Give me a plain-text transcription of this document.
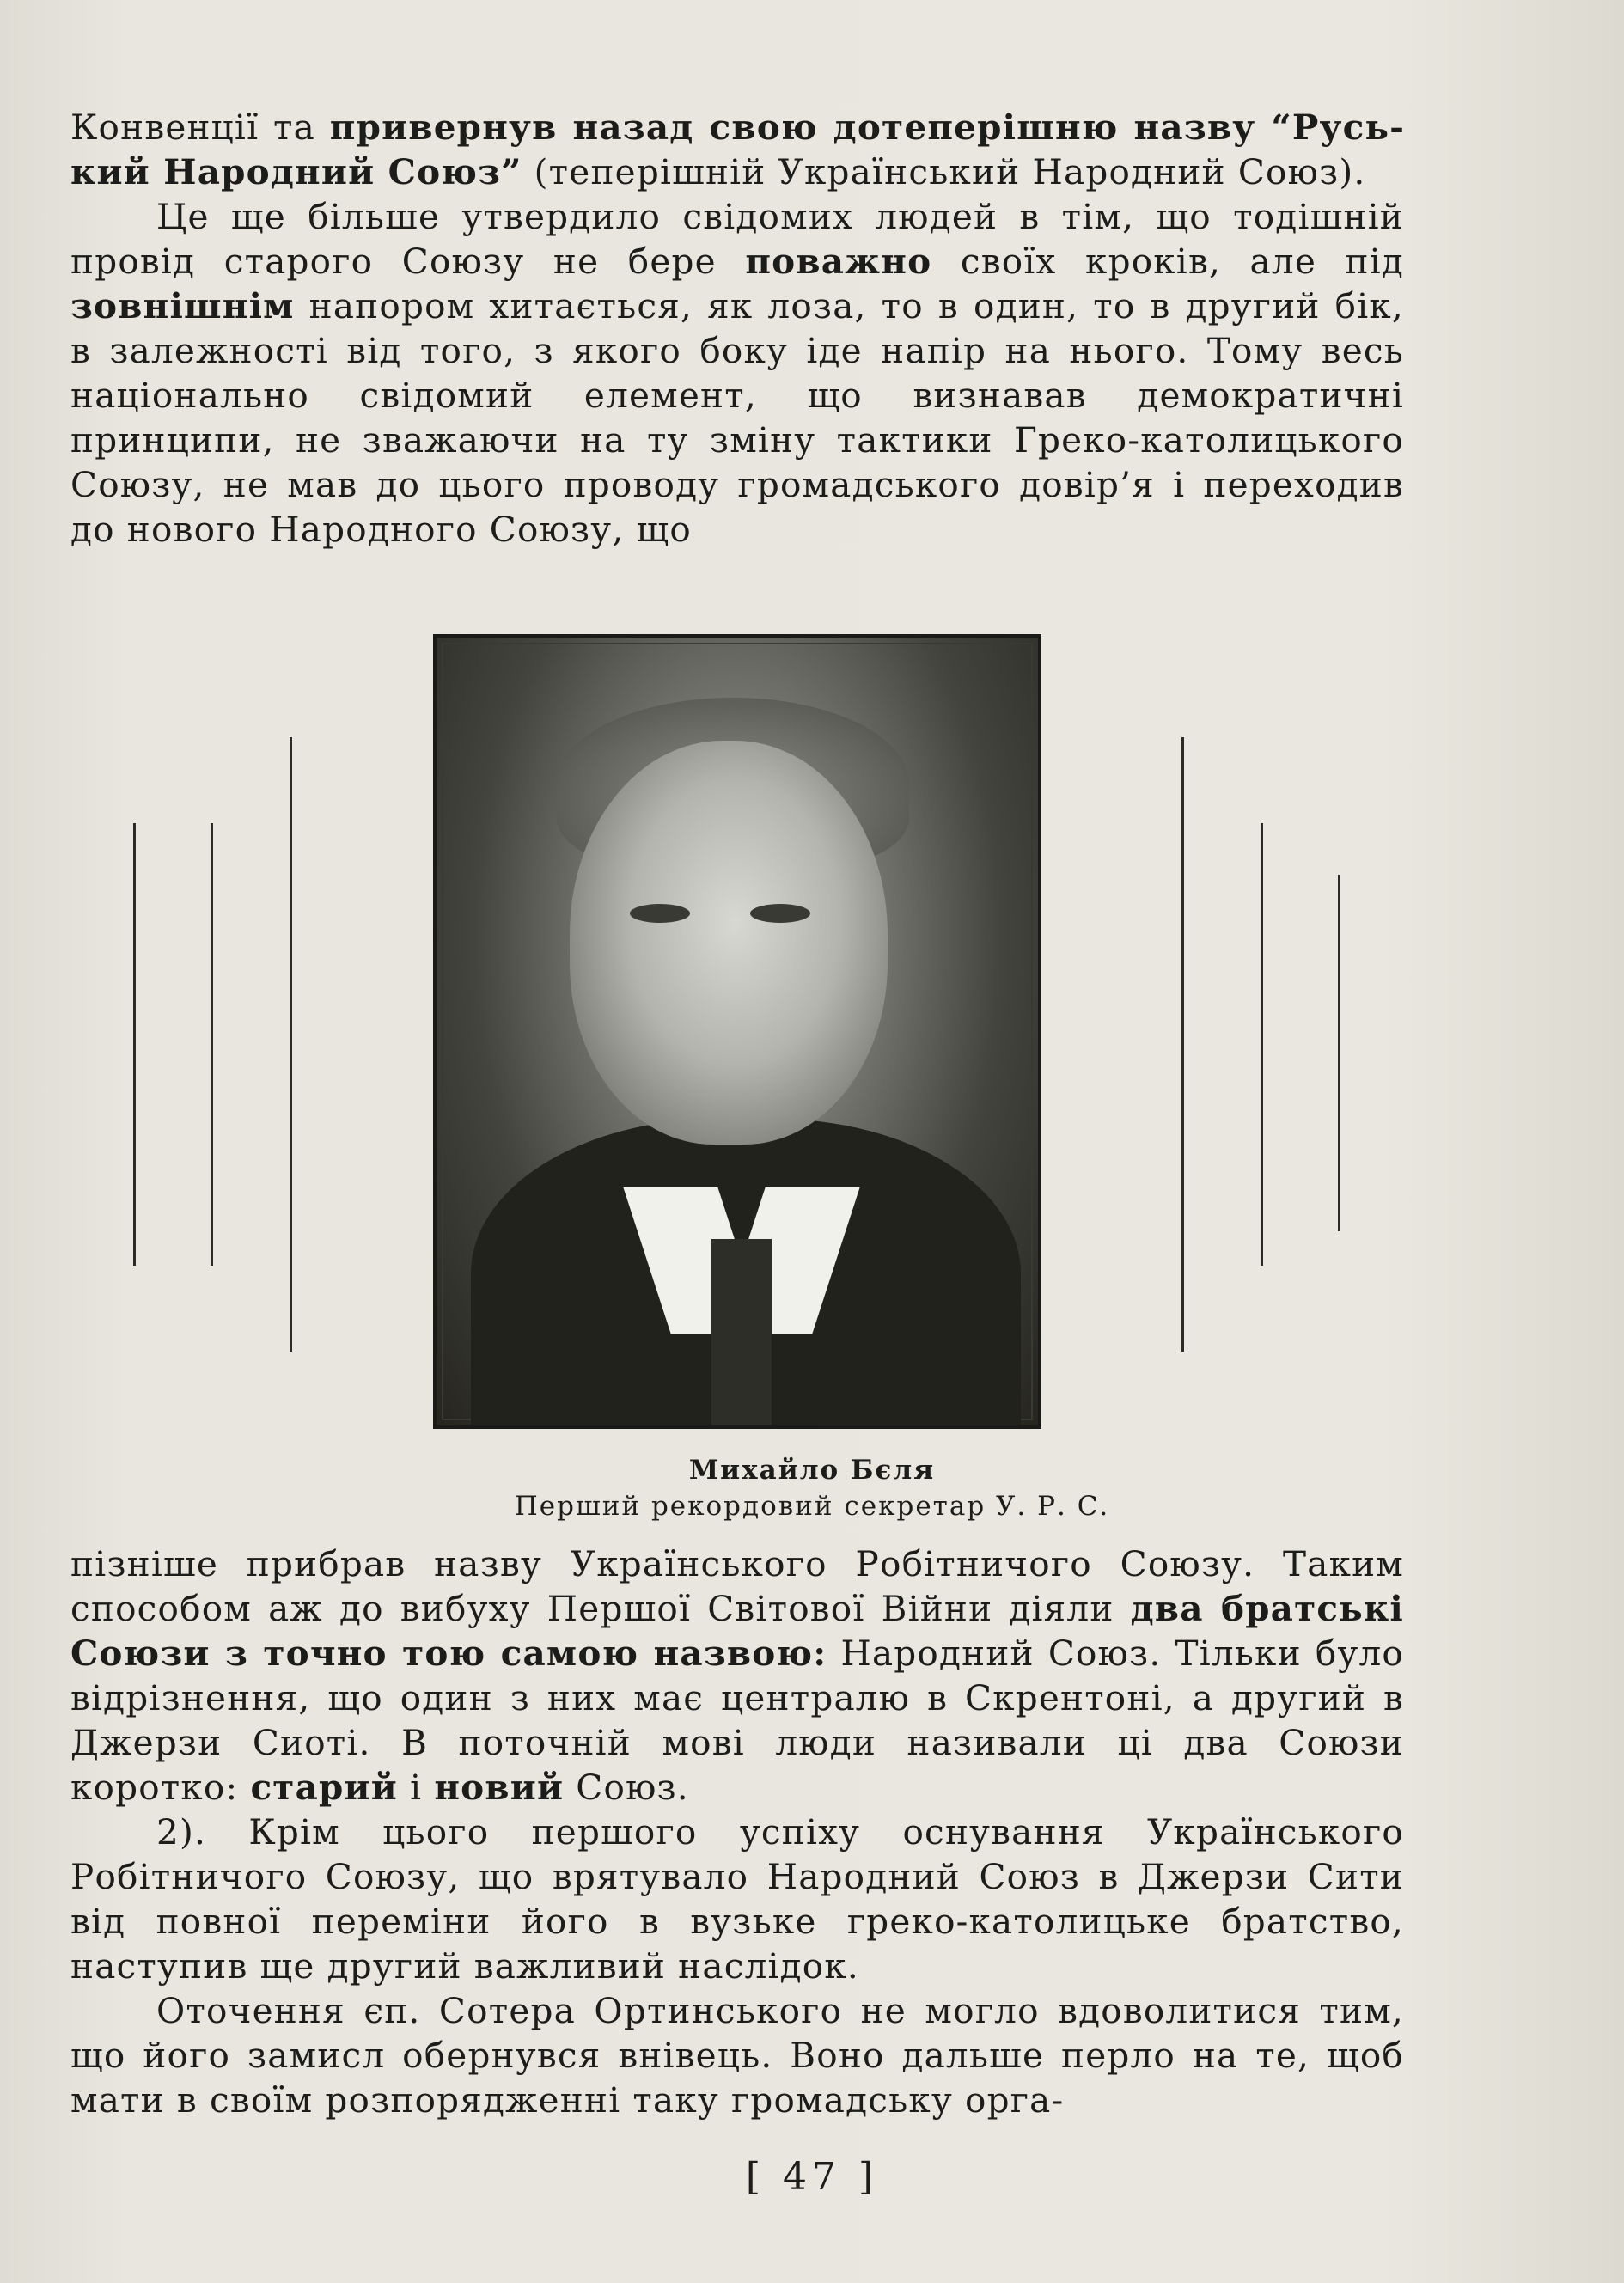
Конвенції та привернув назад свою дотеперішню назву “Руський Народний Союз” (теперішній Український Народний Союз).

Це ще більше утвердило свідомих людей в тім, що тодішній провід старого Союзу не бере поважно своїх кроків, але під зовнішнім напором хитається, як лоза, то в один, то в другий бік, в залежності від того, з якого боку іде напір на нього. Тому весь національно свідомий елемент, що визнавав демократичні принципи, не зважаючи на ту зміну тактики Греко-католицького Союзу, не мав до цього проводу громадського довір’я і переходив до нового Народного Союзу, що

Михайло Бєля
Перший рекордовий секретар У. Р. С.

пізніше прибрав назву Українського Робітничого Союзу. Таким способом аж до вибуху Першої Світової Війни діяли два братські Союзи з точно тою самою назвою: Народний Союз. Тільки було відрізнення, що один з них має централю в Скрентоні, а другий в Джерзи Сиоті. В поточній мові люди називали ці два Союзи коротко: старий і новий Союз.

2). Крім цього першого успіху оснування Українського Робітничого Союзу, що врятувало Народний Союз в Джерзи Сити від повної переміни його в вузьке греко-католицьке братство, наступив ще другий важливий наслідок.

Оточення єп. Сотера Ортинського не могло вдоволитися тим, що його замисл обернувся внівець. Воно дальше перло на те, щоб мати в своїм розпорядженні таку громадську орга-

[ 47 ]
